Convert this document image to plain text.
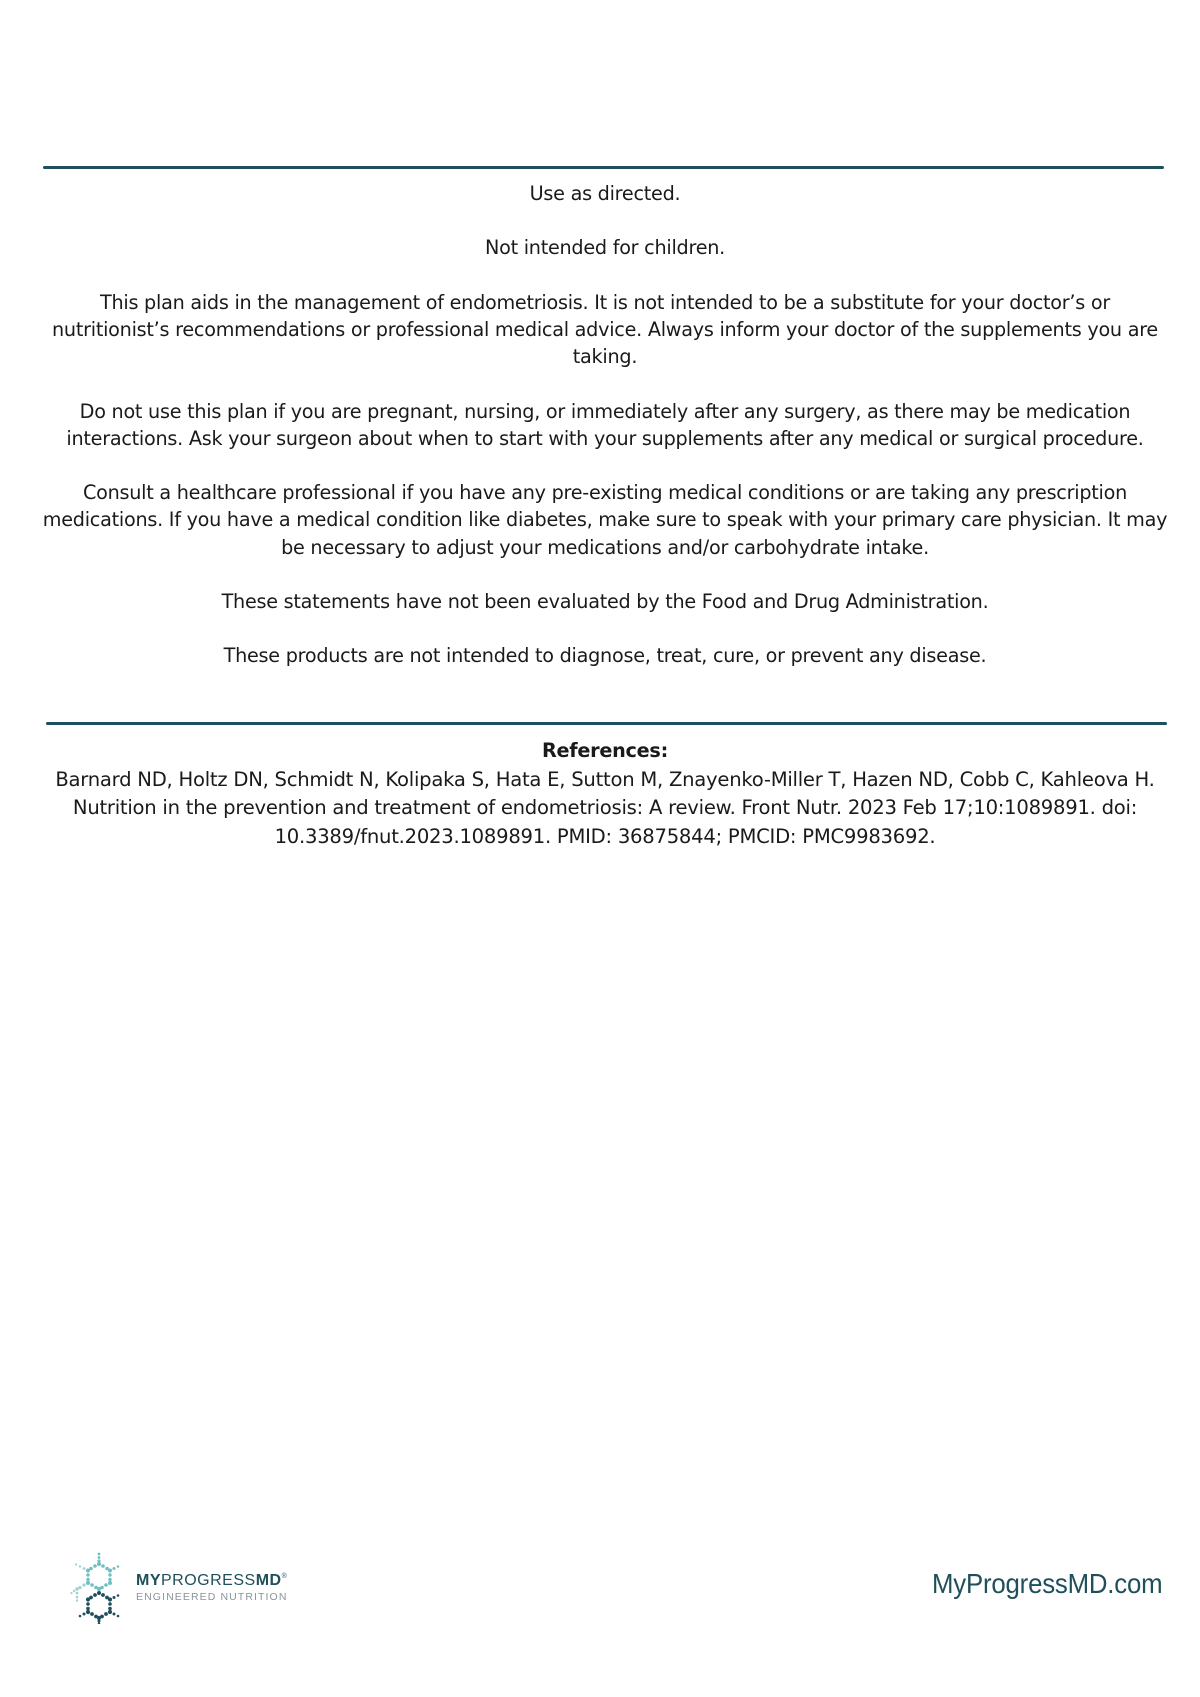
Use as directed.

Not intended for children.

This plan aids in the management of endometriosis. It is not intended to be a substitute for your doctor’s or nutritionist’s recommendations or professional medical advice. Always inform your doctor of the supplements you are taking.

Do not use this plan if you are pregnant, nursing, or immediately after any surgery, as there may be medication interactions. Ask your surgeon about when to start with your supplements after any medical or surgical procedure.

Consult a healthcare professional if you have any pre-existing medical conditions or are taking any prescription medications. If you have a medical condition like diabetes, make sure to speak with your primary care physician. It may be necessary to adjust your medications and/or carbohydrate intake.

These statements have not been evaluated by the Food and Drug Administration.

These products are not intended to diagnose, treat, cure, or prevent any disease.

References:

Barnard ND, Holtz DN, Schmidt N, Kolipaka S, Hata E, Sutton M, Znayenko-Miller T, Hazen ND, Cobb C, Kahleova H. Nutrition in the prevention and treatment of endometriosis: A review. Front Nutr. 2023 Feb 17;10:1089891. doi: 10.3389/fnut.2023.1089891. PMID: 36875844; PMCID: PMC9983692.

MYPROGRESSMD®
ENGINEERED NUTRITION	MyProgressMD.com
